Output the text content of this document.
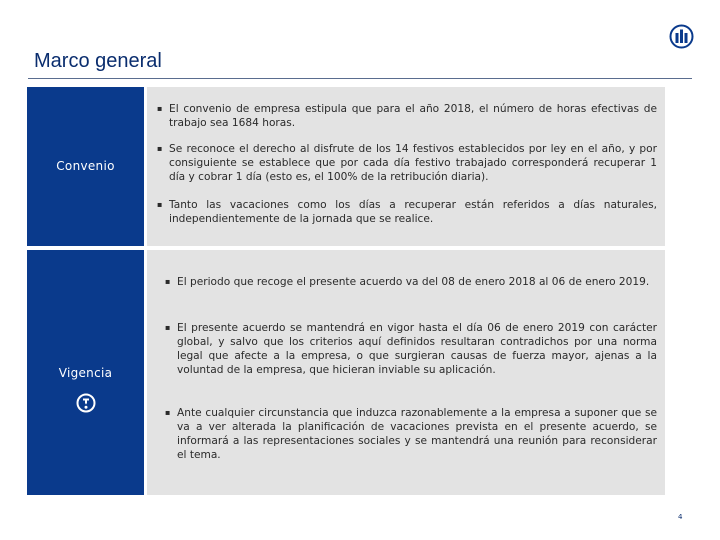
Marco general
Convenio
▪ El convenio de empresa estipula que para el año 2018, el número de horas efectivas de trabajo sea 1684 horas.
▪ Se reconoce el derecho al disfrute de los 14 festivos establecidos por ley en el año, y por consiguiente se establece que por cada día festivo trabajado corresponderá recuperar 1 día y cobrar 1 día (esto es, el 100% de la retribución diaria).
▪ Tanto las vacaciones como los días a recuperar están referidos a días naturales, independientemente de la jornada que se realice.
Vigencia
▪ El periodo que recoge el presente acuerdo va del 08 de enero 2018 al 06 de enero 2019.
▪ El presente acuerdo se mantendrá en vigor hasta el día 06 de enero 2019 con carácter global, y salvo que los criterios aquí definidos resultaran contradichos por una norma legal que afecte a la empresa, o que surgieran causas de fuerza mayor, ajenas a la voluntad de la empresa, que hicieran inviable su aplicación.
▪ Ante cualquier circunstancia que induzca razonablemente a la empresa a suponer que se va a ver alterada la planificación de vacaciones prevista en el presente acuerdo, se informará a las representaciones sociales y se mantendrá una reunión para reconsiderar el tema.
4
